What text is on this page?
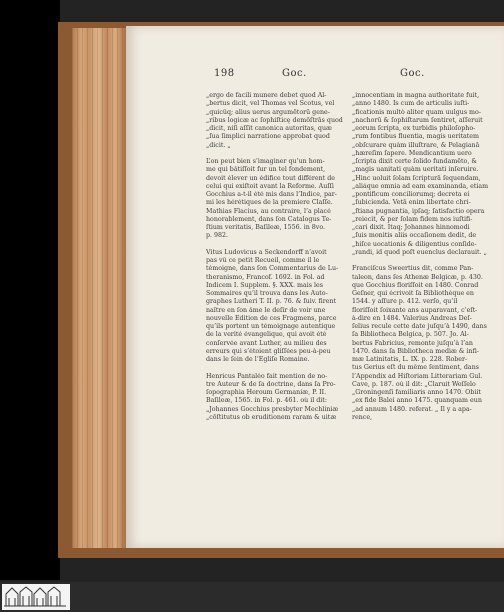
198	Goc.	Goc.
„ergo de facili munere debet quod Al-
„bertus dicit, vel Thomas vel Scotus, vel
„quicüq; alius uerus argumētorū gene-
„ribus logicæ ac ſophiſticę demōſtrās quod
„dicit, niſi aſſit canonica autoritas, quæ
„ſua ſimplici narratione approbat quod
„dicit. „
L’on peut bien s’imaginer qu’un hom-
me qui bâtiſſoit fur un tel fondement,
devoit élever un édifice tout différent de
celui qui exiſtoit avant la Reforme. Auſſi
Gocchius a-t-il été mis dans l’Indice, par-
mi les hérétiques de la premiere Claſſe.
Mathias Flacius, au contraire, l’a placé
honorablement, dans ſon Catalogus Te-
ſtium veritatis, Baſileæ, 1556. in 8vo.
p. 982.
Vitus Ludovicus a Seckendorff n’avoit
pas vû ce petit Recueil, comme il le
témoigne, dans ſon Commentarius de Lu-
theranismo, Francof. 1692. in Fol. ad
Indicem I. Supplem. §. XXX. mais les
Sommaires qu’il trouva dans les Auto-
graphes Lutheri T. II. p. 76. & ſuiv. firent
naître en ſon âme le deſir de voir une
nouvelle Edition de ces Fragmens, parce
qu’ils portent un témoignage autentique
de la verité évangelique, qui avoit été
conſervée avant Luther, au milieu des
erreurs qui s’étoient gliſſées peu-à-peu
dans le ſein de l’Egliſe Romaine.
Henricus Pantaléo fait mention de no-
tre Auteur & de ſa doctrine, dans ſa Pro-
ſopographia Heroum Germaniæ, P. II.
Baſileæ, 1565. in Fol. p. 461. où il dit:
„Johannes Gocchius presbyter Mechliniæ
„cōſtitutus ob eruditionem raram & uitæ
„innocentiam in magna authoritate fuit,
„anno 1480. Is cum de articulis iuſti-
„ficationis multò aliter quam uulgus mo-
„nachorū & ſophiſtarum ſentiret, aſſeruit
„eorum ſcripta, ex turbidis philoſopho-
„rum fontibus fluentia, magis ueritatem
„obſcurare quàm illuſtrare, & Pelagianā
„hæreſim ſapere. Mendicantium uero
„ſcripta dixit certe ſolido fundamēto, &
„magis uanitati quàm ueritati inſeruire.
„Hinc uoluit ſolam ſcripturā ſequendam,
„aliáque omnia ad eam examinanda, etiam
„pontificum conciliorumq; decreta ei
„ſubicienda. Vetā enim libertate chri-
„ſtiana pugnantia, ipſaq; ſatisfactio opera
„reiecit, & per ſolam fidem nos iuſtifi-
„cari dixit. Itaq; Johannes hinnomodi
„ſuis monitis aliis occaſionem dedit, de
„hiſce uocationis & diligentius conſide-
„randi, id quod poſt euenclus declarauit. „
Franciſcus Sweertius dit, comme Pan-
taleon, dans ſes Athenæ Belgicæ, p. 430.
que Gocchius floriſſoit en 1480. Conrad
Geſner, qui écrivoit ſa Bibliothèque en
1544. y aſſure p. 412. verſo, qu’il
floriſſoit ſoixante ans auparavant, c’eſt-
à-dire en 1484. Valerius Andreas Deſ-
ſelius recule cette date juſqu’à 1490, dans
ſa Bibliotheca Belgica, p. 507. Jo. Al-
bertus Fabricius, remonte juſqu’à l’an
1470. dans ſa Bibliotheca mediæ & infi-
mæ Latinitatis, L. IX. p. 228. Rober-
tus Gerius eſt du même ſentiment, dans
l’Appendix ad Hiſtoriam Litterariam Gul.
Cave, p. 187. où il dit: „Claruit Weſſelo
„Groningenſi familiaris anno 1470. Obiit
„ex fide Balei anno 1475. quanquam eun
„ad annum 1480. referat. „ Il y a apa-
rence,
